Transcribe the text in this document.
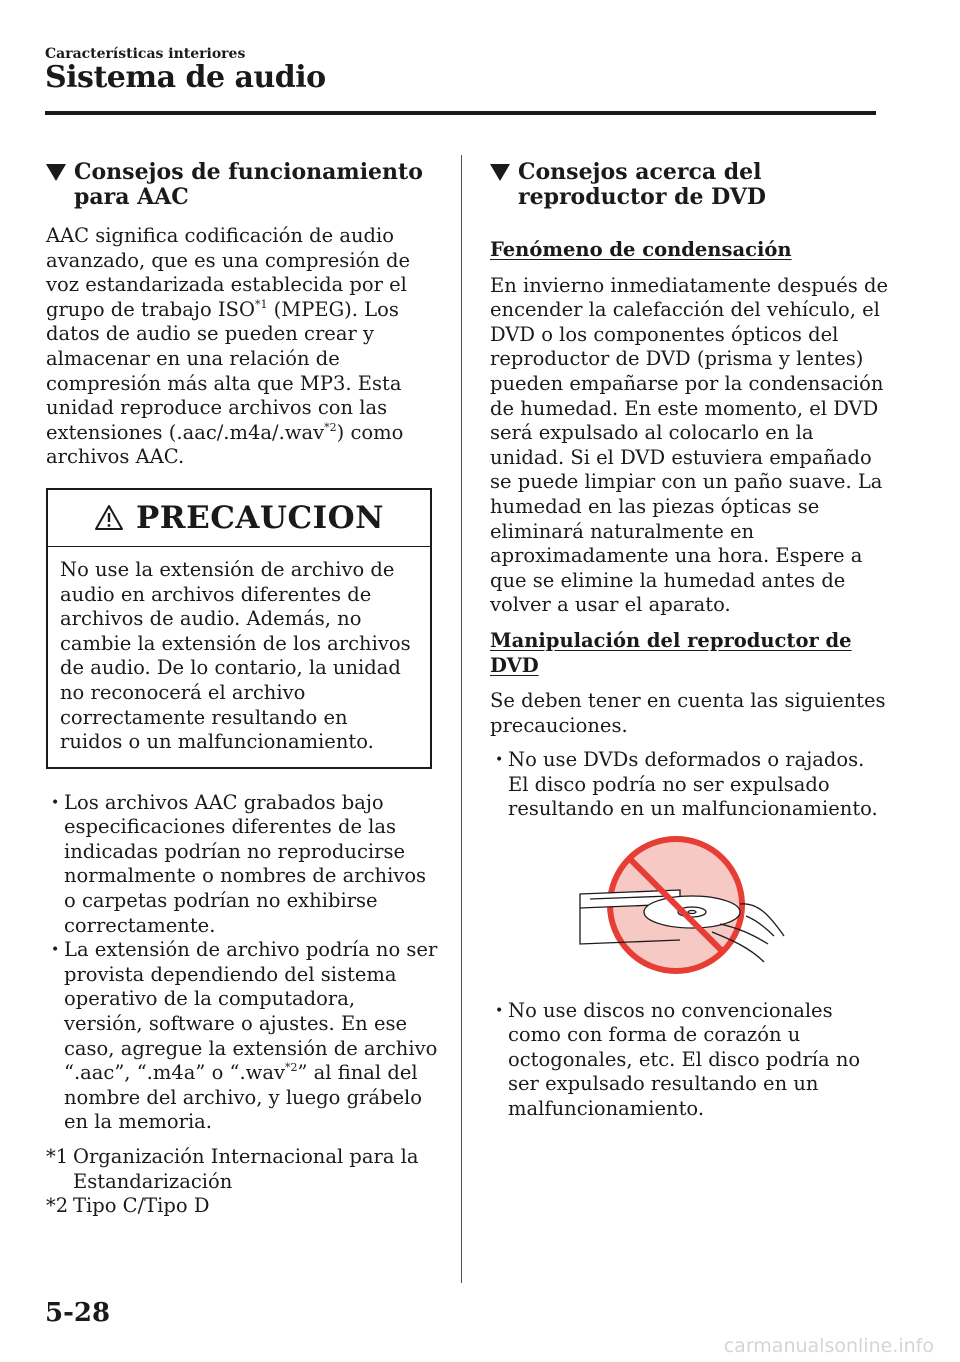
Características interiores
Sistema de audio
Consejos de funcionamiento para AAC

AAC significa codificación de audio avanzado, que es una compresión de voz estandarizada establecida por el grupo de trabajo ISO$^{*1}$ (MPEG). Los datos de audio se pueden crear y almacenar en una relación de compresión más alta que MP3. Esta unidad reproduce archivos con las extensiones (.aac/.m4a/.wav$^{*2}$) como archivos AAC.

PRECAUCION
No use la extensión de archivo de audio en archivos diferentes de archivos de audio. Además, no cambie la extensión de los archivos de audio. De lo contario, la unidad no reconocerá el archivo correctamente resultando en ruidos o un malfuncionamiento.
• Los archivos AAC grabados bajo especificaciones diferentes de las indicadas podrían no reproducirse normalmente o nombres de archivos o carpetas podrían no exhibirse correctamente.
• La extensión de archivo podría no ser provista dependiendo del sistema operativo de la computadora, versión, software o ajustes. En ese caso, agregue la extensión de archivo “.aac”, “.m4a” o “.wav$^{*2}$” al final del nombre del archivo, y luego grábelo en la memoria.
*1 Organización Internacional para la Estandarización
*2 Tipo C/Tipo D
Consejos acerca del reproductor de DVD

Fenómeno de condensación

En invierno inmediatamente después de encender la calefacción del vehículo, el DVD o los componentes ópticos del reproductor de DVD (prisma y lentes) pueden empañarse por la condensación de humedad. En este momento, el DVD será expulsado al colocarlo en la unidad. Si el DVD estuviera empañado se puede limpiar con un paño suave. La humedad en las piezas ópticas se eliminará naturalmente en aproximadamente una hora. Espere a que se elimine la humedad antes de volver a usar el aparato.

Manipulación del reproductor de DVD

Se deben tener en cuenta las siguientes precauciones.

• No use DVDs deformados o rajados. El disco podría no ser expulsado resultando en un malfuncionamiento.
• No use discos no convencionales como con forma de corazón u octogonales, etc. El disco podría no ser expulsado resultando en un malfuncionamiento.
5-28
carmanualsonline.info
